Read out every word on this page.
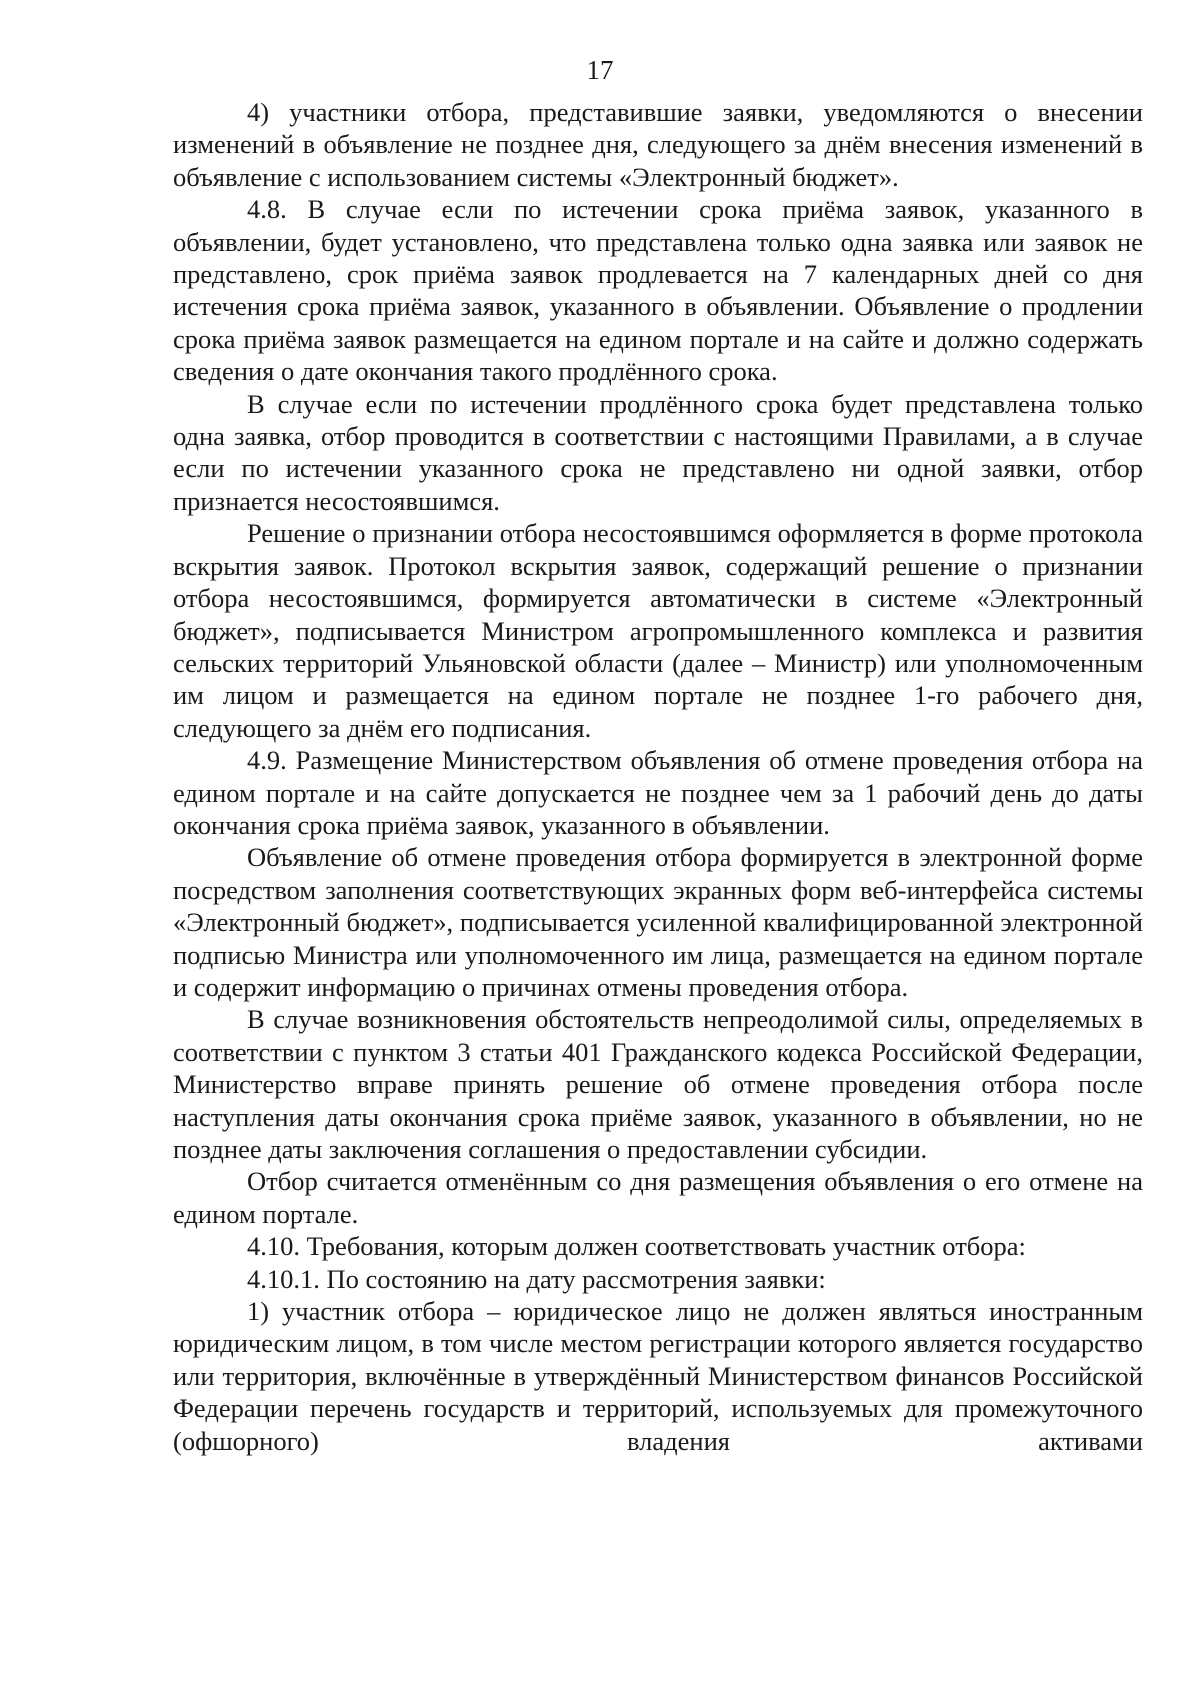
17

4) участники отбора, представившие заявки, уведомляются о внесении изменений в объявление не позднее дня, следующего за днём внесения изменений в объявление с использованием системы «Электронный бюджет».

4.8. В случае если по истечении срока приёма заявок, указанного в объявлении, будет установлено, что представлена только одна заявка или заявок не представлено, срок приёма заявок продлевается на 7 календарных дней со дня истечения срока приёма заявок, указанного в объявлении. Объявление о продлении срока приёма заявок размещается на едином портале и на сайте и должно содержать сведения о дате окончания такого продлённого срока.

В случае если по истечении продлённого срока будет представлена только одна заявка, отбор проводится в соответствии с настоящими Правилами, а в случае если по истечении указанного срока не представлено ни одной заявки, отбор признается несостоявшимся.

Решение о признании отбора несостоявшимся оформляется в форме протокола вскрытия заявок. Протокол вскрытия заявок, содержащий решение о признании отбора несостоявшимся, формируется автоматически в системе «Электронный бюджет», подписывается Министром агропромышленного комплекса и развития сельских территорий Ульяновской области (далее – Министр) или уполномоченным им лицом и размещается на едином портале не позднее 1-го рабочего дня, следующего за днём его подписания.

4.9. Размещение Министерством объявления об отмене проведения отбора на едином портале и на сайте допускается не позднее чем за 1 рабочий день до даты окончания срока приёма заявок, указанного в объявлении.

Объявление об отмене проведения отбора формируется в электронной форме посредством заполнения соответствующих экранных форм веб-интерфейса системы «Электронный бюджет», подписывается усиленной квалифицированной электронной подписью Министра или уполномоченного им лица, размещается на едином портале и содержит информацию о причинах отмены проведения отбора.

В случае возникновения обстоятельств непреодолимой силы, определяемых в соответствии с пунктом 3 статьи 401 Гражданского кодекса Российской Федерации, Министерство вправе принять решение об отмене проведения отбора после наступления даты окончания срока приёме заявок, указанного в объявлении, но не позднее даты заключения соглашения о предоставлении субсидии.

Отбор считается отменённым со дня размещения объявления о его отмене на едином портале.

4.10. Требования, которым должен соответствовать участник отбора:

4.10.1. По состоянию на дату рассмотрения заявки:

1) участник отбора – юридическое лицо не должен являться иностранным юридическим лицом, в том числе местом регистрации которого является государство или территория, включённые в утверждённый Министерством финансов Российской Федерации перечень государств и территорий, используемых для промежуточного (офшорного) владения активами
